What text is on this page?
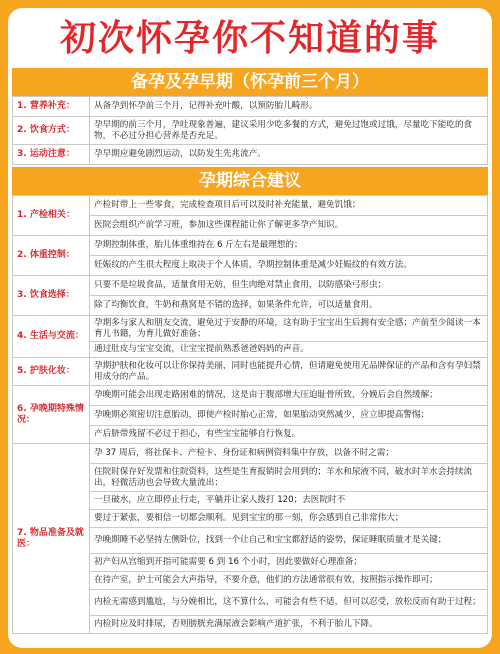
初次怀孕你不知道的事
备孕及孕早期（怀孕前三个月）
1. 营养补充：	从备孕到怀孕前三个月，记得补充叶酸，以预防胎儿畸形。
2. 饮食方式：	孕早期的前三个月，孕吐现象普遍，建议采用少吃多餐的方式，避免过饱或过饿，尽量吃下能吃的食物，不必过分担心营养是否充足。
3. 运动注意：	孕早期应避免剧烈运动，以防发生先兆流产。
孕期综合建议
1. 产检相关：	产检时带上一些零食，完成检查项目后可以及时补充能量，避免饥饿；
	医院会组织产前学习班，参加这些课程能让你了解更多孕产知识。
2. 体重控制：	孕期控制体重，胎儿体重维持在 6 斤左右是最理想的；
	妊娠纹的产生很大程度上取决于个人体质，孕期控制体重是减少妊娠纹的有效方法。
3. 饮食选择：	只要不是垃圾食品，适量食用无妨，但生肉绝对禁止食用，以防感染弓形虫；
	除了均衡饮食，牛奶和燕窝是不错的选择，如果条件允许，可以适量食用。
4. 生活与交流：	孕期多与家人和朋友交流，避免过于安静的环境，这有助于宝宝出生后拥有安全感；产前至少阅读一本育儿书籍，为育儿做好准备；
	通过肚皮与宝宝交流，让宝宝提前熟悉爸爸妈妈的声音。
5. 护肤化妆：	孕期护肤和化妆可以让你保持美丽，同时也能提升心情，但请避免使用无品牌保证的产品和含有孕妇禁用成分的产品。
6. 孕晚期特殊情况：	孕晚期可能会出现走路困难的情况，这是由于腹部增大压迫耻骨所致，分娩后会自然缓解；
	孕晚期必须密切注意胎动，即使产检时胎心正常，如果胎动突然减少，应立即提高警惕；
	产后脐带残留不必过于担心，有些宝宝能够自行恢复。
7. 物品准备及就医：	孕 37 周后，将社保卡、产检卡、身份证和病例资料集中存放，以备不时之需；
	住院时保存好发票和住院资料，这些是生育报销时会用到的；羊水和尿液不同，破水时羊水会持续流出，轻微活动也会导致大量流出；
	一旦破水，应立即停止行走，平躺并让家人拨打 120；去医院时不
	要过于紧张，要相信一切都会顺利。见到宝宝的那一刻，你会感到自己非常伟大；
	孕晚期睡不必坚持左侧卧位，找到一个让自己和宝宝都舒适的姿势，保证睡眠质量才是关键；
	初产妇从宫缩到开指可能需要 6 到 16 个小时，因此要做好心理准备；
	在待产室，护士可能会大声指导，不要介意，他们的方法通常很有效，按照指示操作即可；
	内检无需感到尴尬，与分娩相比，这不算什么，可能会有些不适，但可以忍受，放松反而有助于过程；
	内检时应及时排尿，否则膀胱充满尿液会影响产道扩张，不利于胎儿下降。
